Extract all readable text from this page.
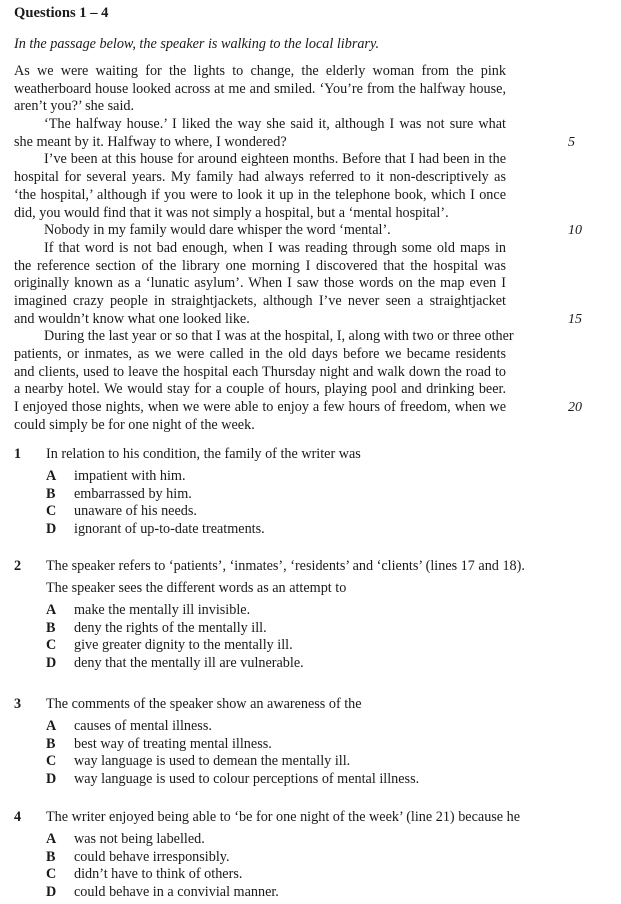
Questions 1 – 4
In the passage below, the speaker is walking to the local library.
As we were waiting for the lights to change, the elderly woman from the pink
weatherboard house looked across at me and smiled. ‘You’re from the halfway house,
aren’t you?’ she said.
‘The halfway house.’ I liked the way she said it, although I was not sure what
she meant by it. Halfway to where, I wondered?
I’ve been at this house for around eighteen months. Before that I had been in the
hospital for several years. My family had always referred to it non-descriptively as
‘the hospital,’ although if you were to look it up in the telephone book, which I once
did, you would find that it was not simply a hospital, but a ‘mental hospital’.
Nobody in my family would dare whisper the word ‘mental’.
If that word is not bad enough, when I was reading through some old maps in
the reference section of the library one morning I discovered that the hospital was
originally known as a ‘lunatic asylum’. When I saw those words on the map even I
imagined crazy people in straightjackets, although I’ve never seen a straightjacket
and wouldn’t know what one looked like.
During the last year or so that I was at the hospital, I, along with two or three other
patients, or inmates, as we were called in the old days before we became residents
and clients, used to leave the hospital each Thursday night and walk down the road to
a nearby hotel. We would stay for a couple of hours, playing pool and drinking beer.
I enjoyed those nights, when we were able to enjoy a few hours of freedom, when we
could simply be for one night of the week.
5
10
15
20
1 In relation to his condition, the family of the writer was
A impatient with him.
B embarrassed by him.
C unaware of his needs.
D ignorant of up-to-date treatments.
2 The speaker refers to ‘patients’, ‘inmates’, ‘residents’ and ‘clients’ (lines 17 and 18).
The speaker sees the different words as an attempt to
A make the mentally ill invisible.
B deny the rights of the mentally ill.
C give greater dignity to the mentally ill.
D deny that the mentally ill are vulnerable.
3 The comments of the speaker show an awareness of the
A causes of mental illness.
B best way of treating mental illness.
C way language is used to demean the mentally ill.
D way language is used to colour perceptions of mental illness.
4 The writer enjoyed being able to ‘be for one night of the week’ (line 21) because he
A was not being labelled.
B could behave irresponsibly.
C didn’t have to think of others.
D could behave in a convivial manner.
